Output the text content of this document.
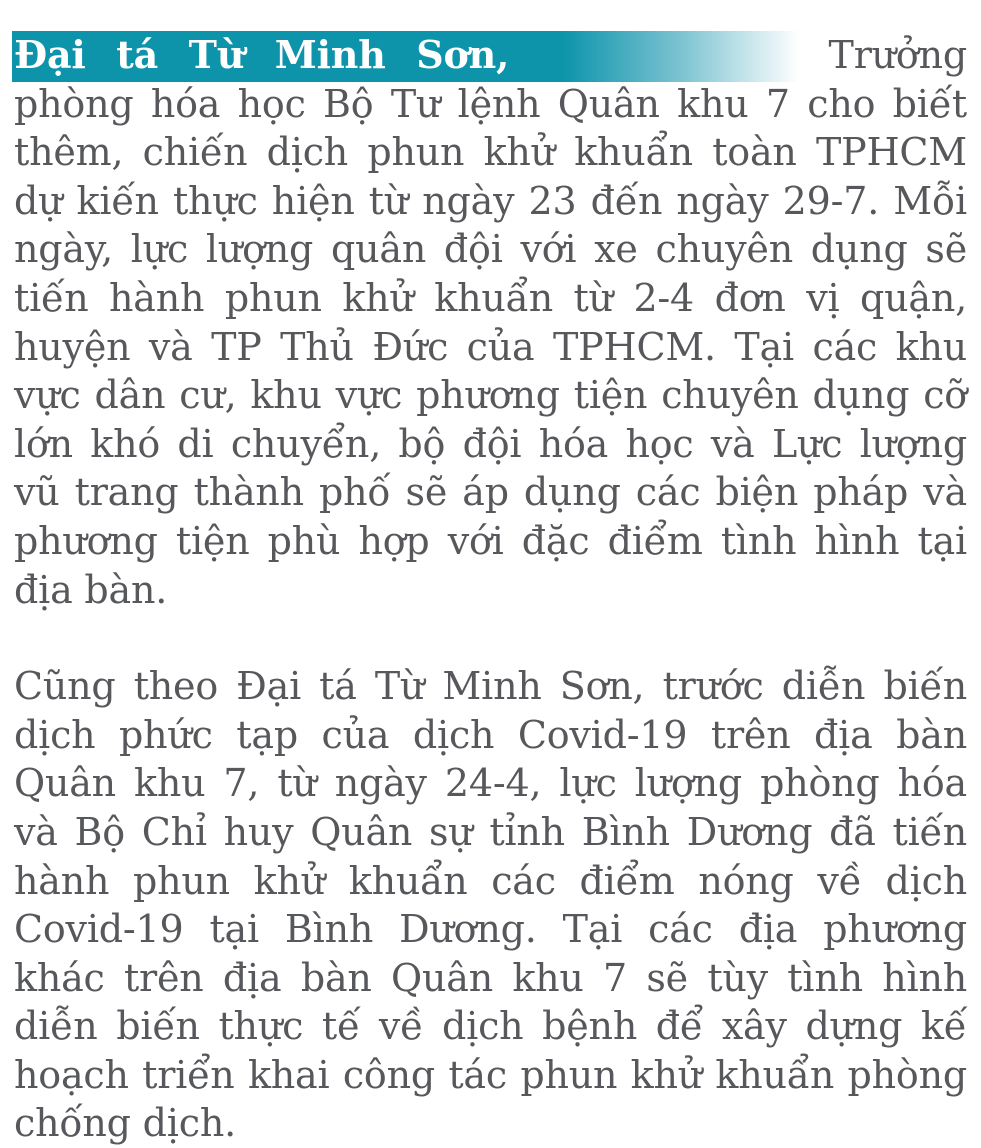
Đại tá Từ Minh Sơn,	Trưởng phòng hóa học Bộ Tư lệnh Quân khu 7 cho biết thêm, chiến dịch phun khử khuẩn toàn TPHCM dự kiến thực hiện từ ngày 23 đến ngày 29-7. Mỗi ngày, lực lượng quân đội với xe chuyên dụng sẽ tiến hành phun khử khuẩn từ 2-4 đơn vị quận, huyện và TP Thủ Đức của TPHCM. Tại các khu vực dân cư, khu vực phương tiện chuyên dụng cỡ lớn khó di chuyển, bộ đội hóa học và Lực lượng vũ trang thành phố sẽ áp dụng các biện pháp và phương tiện phù hợp với đặc điểm tình hình tại địa bàn.

Cũng theo Đại tá Từ Minh Sơn, trước diễn biến dịch phức tạp của dịch Covid-19 trên địa bàn Quân khu 7, từ ngày 24-4, lực lượng phòng hóa và Bộ Chỉ huy Quân sự tỉnh Bình Dương đã tiến hành phun khử khuẩn các điểm nóng về dịch Covid-19 tại Bình Dương. Tại các địa phương khác trên địa bàn Quân khu 7 sẽ tùy tình hình diễn biến thực tế về dịch bệnh để xây dựng kế hoạch triển khai công tác phun khử khuẩn phòng chống dịch.
